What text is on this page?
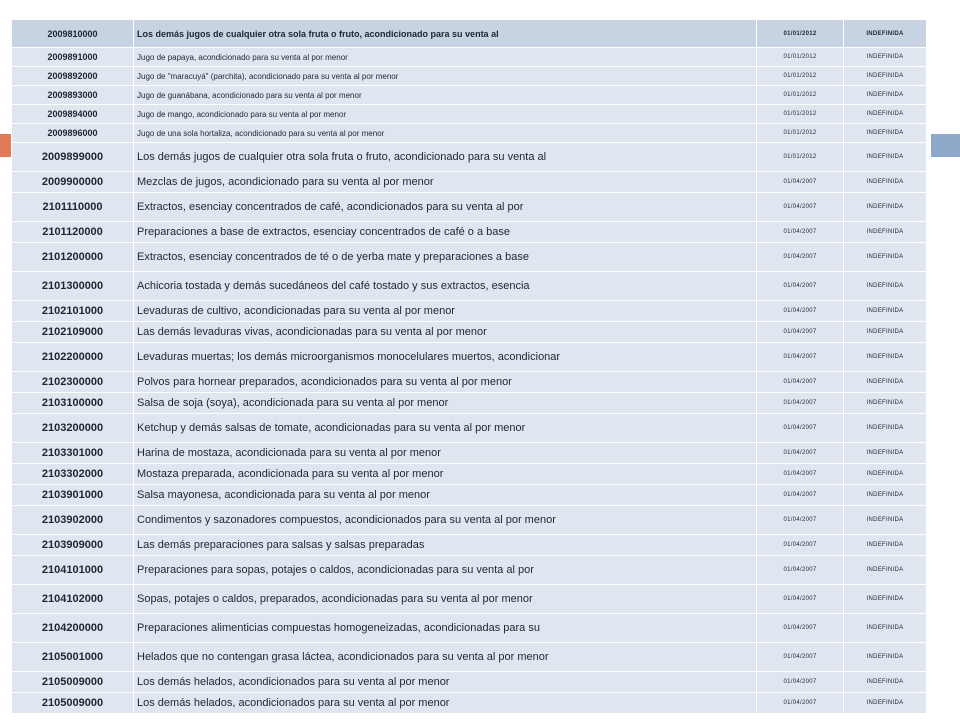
2009810000	Los demás jugos de cualquier otra sola fruta o fruto, acondicionado para su venta al	01/01/2012	INDEFINIDA
2009891000	Jugo de papaya, acondicionado para su venta al por menor	01/01/2012	INDEFINIDA
2009892000	Jugo de "maracuyá" (parchita), acondicionado para su venta al por menor	01/01/2012	INDEFINIDA
2009893000	Jugo de guanábana, acondicionado para su venta al por menor	01/01/2012	INDEFINIDA
2009894000	Jugo de mango, acondicionado para su venta al por menor	01/01/2012	INDEFINIDA
2009896000	Jugo de una sola hortaliza, acondicionado para su venta al por menor	01/01/2012	INDEFINIDA
2009899000	Los demás jugos de cualquier otra sola fruta o fruto, acondicionado para su venta al	01/01/2012	INDEFINIDA
2009900000	Mezclas de jugos, acondicionado para su venta al por menor	01/04/2007	INDEFINIDA
2101110000	Extractos, esenciay concentrados de café, acondicionados para su venta al por	01/04/2007	INDEFINIDA
2101120000	Preparaciones a base de extractos, esenciay concentrados de café o a base	01/04/2007	INDEFINIDA
2101200000	Extractos, esenciay concentrados de té o de yerba mate y preparaciones a base	01/04/2007	INDEFINIDA
2101300000	Achicoria tostada y demás sucedáneos del café tostado y sus extractos, esencia	01/04/2007	INDEFINIDA
2102101000	Levaduras de cultivo, acondicionadas para su venta al por menor	01/04/2007	INDEFINIDA
2102109000	Las demás levaduras vivas, acondicionadas para su venta al por menor	01/04/2007	INDEFINIDA
2102200000	Levaduras muertas; los demás microorganismos monocelulares muertos, acondicionar	01/04/2007	INDEFINIDA
2102300000	Polvos para hornear preparados, acondicionados para su venta al por menor	01/04/2007	INDEFINIDA
2103100000	Salsa de soja (soya), acondicionada para su venta al por menor	01/04/2007	INDEFINIDA
2103200000	Ketchup y demás salsas de tomate, acondicionadas para su venta al por menor	01/04/2007	INDEFINIDA
2103301000	Harina de mostaza, acondicionada para su venta al por menor	01/04/2007	INDEFINIDA
2103302000	Mostaza preparada, acondicionada para su venta al por menor	01/04/2007	INDEFINIDA
2103901000	Salsa mayonesa, acondicionada para su venta al por menor	01/04/2007	INDEFINIDA
2103902000	Condimentos y sazonadores compuestos, acondicionados para su venta al por menor	01/04/2007	INDEFINIDA
2103909000	Las demás preparaciones para salsas y salsas preparadas	01/04/2007	INDEFINIDA
2104101000	Preparaciones para sopas, potajes o caldos, acondicionadas para su venta al por	01/04/2007	INDEFINIDA
2104102000	Sopas, potajes o caldos, preparados, acondicionadas para su venta al por menor	01/04/2007	INDEFINIDA
2104200000	Preparaciones alimenticias compuestas homogeneizadas, acondicionadas para su	01/04/2007	INDEFINIDA
2105001000	Helados que no contengan grasa láctea, acondicionados para su venta al por menor	01/04/2007	INDEFINIDA
2105009000	Los demás helados, acondicionados para su venta al por menor	01/04/2007	INDEFINIDA
2105009000	Los demás helados, acondicionados para su venta al por menor	01/04/2007	INDEFINIDA
